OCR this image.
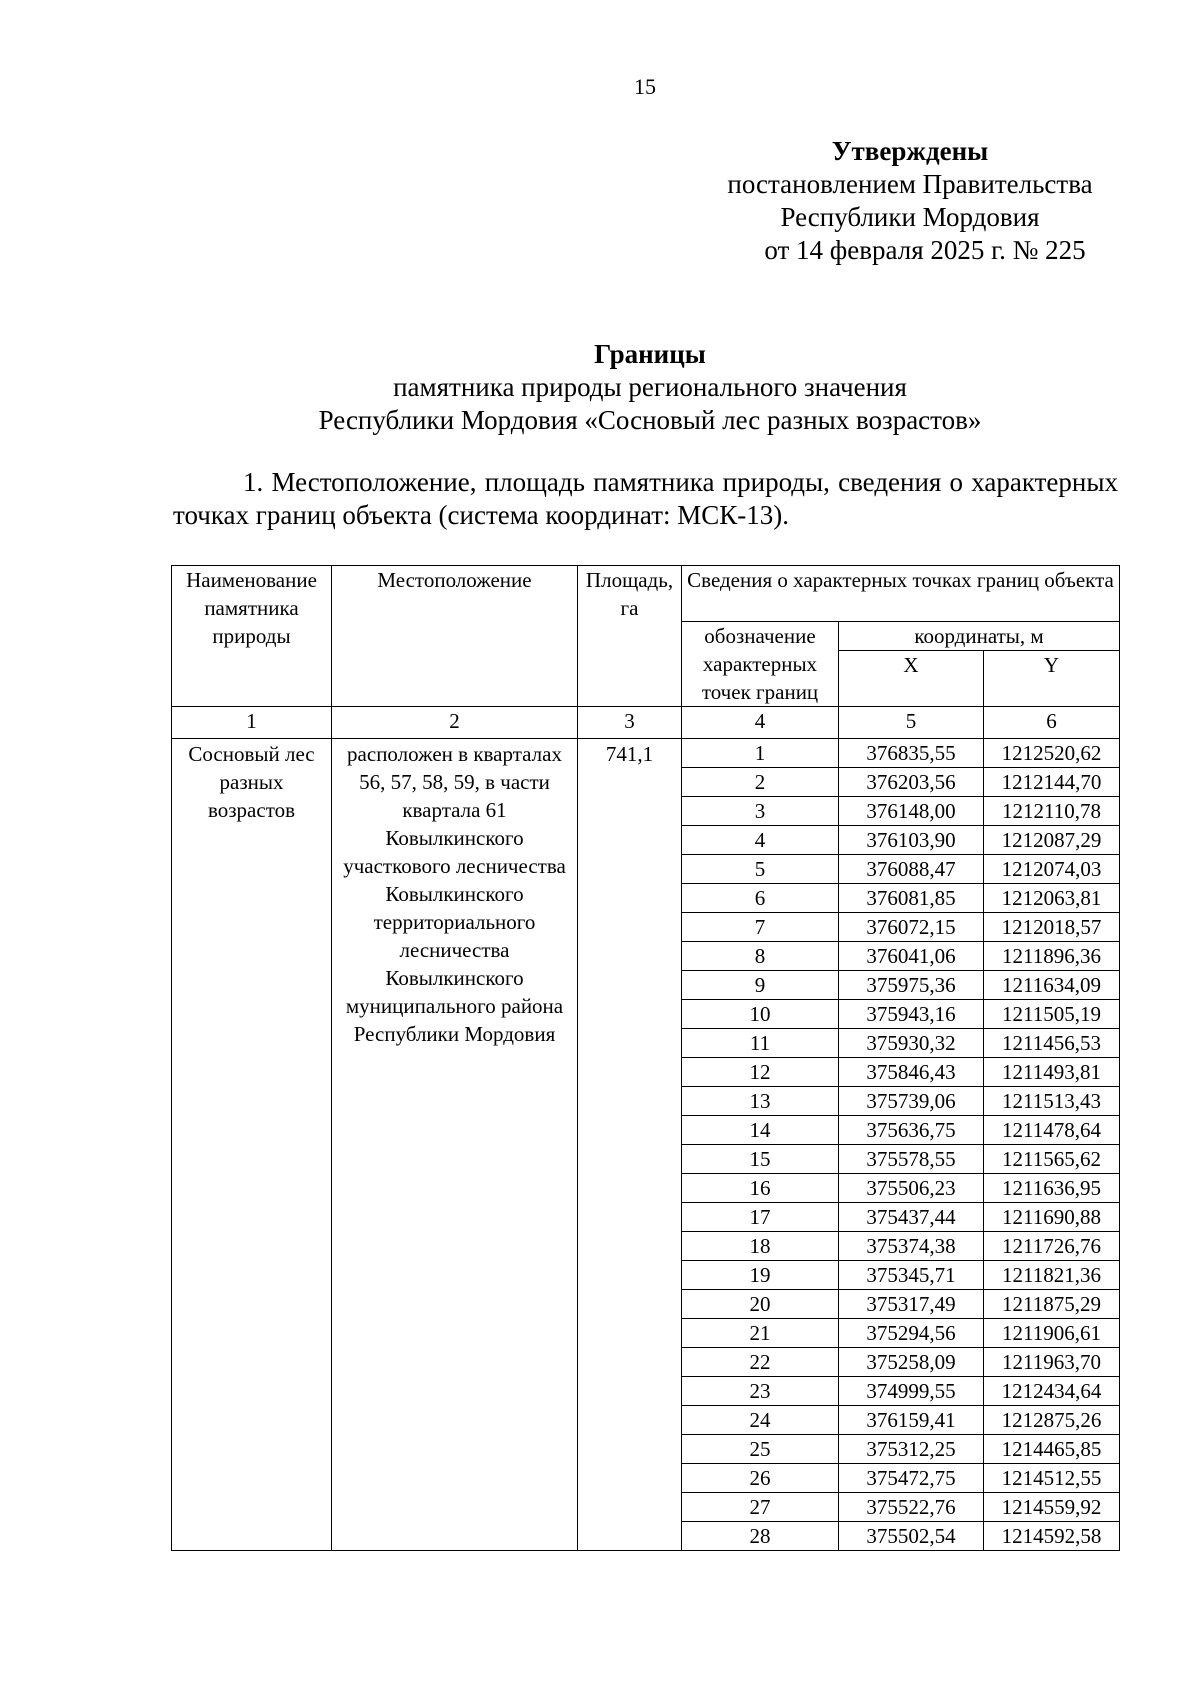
15
Утверждены
постановлением Правительства
Республики Мордовия
от 14 февраля 2025 г. № 225
Границы
памятника природы регионального значения
Республики Мордовия «Сосновый лес разных возрастов»
1. Местоположение, площадь памятника природы, сведения о характерных точках границ объекта (система координат: МСК-13).
Наименование памятника природы	Местоположение	Площадь, га	Сведения о характерных точках границ объекта		
			обозначение характерных точек границ	координаты, м	
				X	Y
1	2	3	4	5	6
Сосновый лес разных возрастов	расположен в кварталах 56, 57, 58, 59, в части квартала 61 Ковылкинского участкового лесничества Ковылкинского территориального лесничества Ковылкинского муниципального района Республики Мордовия	741,1	1	376835,55	1212520,62
			2	376203,56	1212144,70
			3	376148,00	1212110,78
			4	376103,90	1212087,29
			5	376088,47	1212074,03
			6	376081,85	1212063,81
			7	376072,15	1212018,57
			8	376041,06	1211896,36
			9	375975,36	1211634,09
			10	375943,16	1211505,19
			11	375930,32	1211456,53
			12	375846,43	1211493,81
			13	375739,06	1211513,43
			14	375636,75	1211478,64
			15	375578,55	1211565,62
			16	375506,23	1211636,95
			17	375437,44	1211690,88
			18	375374,38	1211726,76
			19	375345,71	1211821,36
			20	375317,49	1211875,29
			21	375294,56	1211906,61
			22	375258,09	1211963,70
			23	374999,55	1212434,64
			24	376159,41	1212875,26
			25	375312,25	1214465,85
			26	375472,75	1214512,55
			27	375522,76	1214559,92
			28	375502,54	1214592,58
